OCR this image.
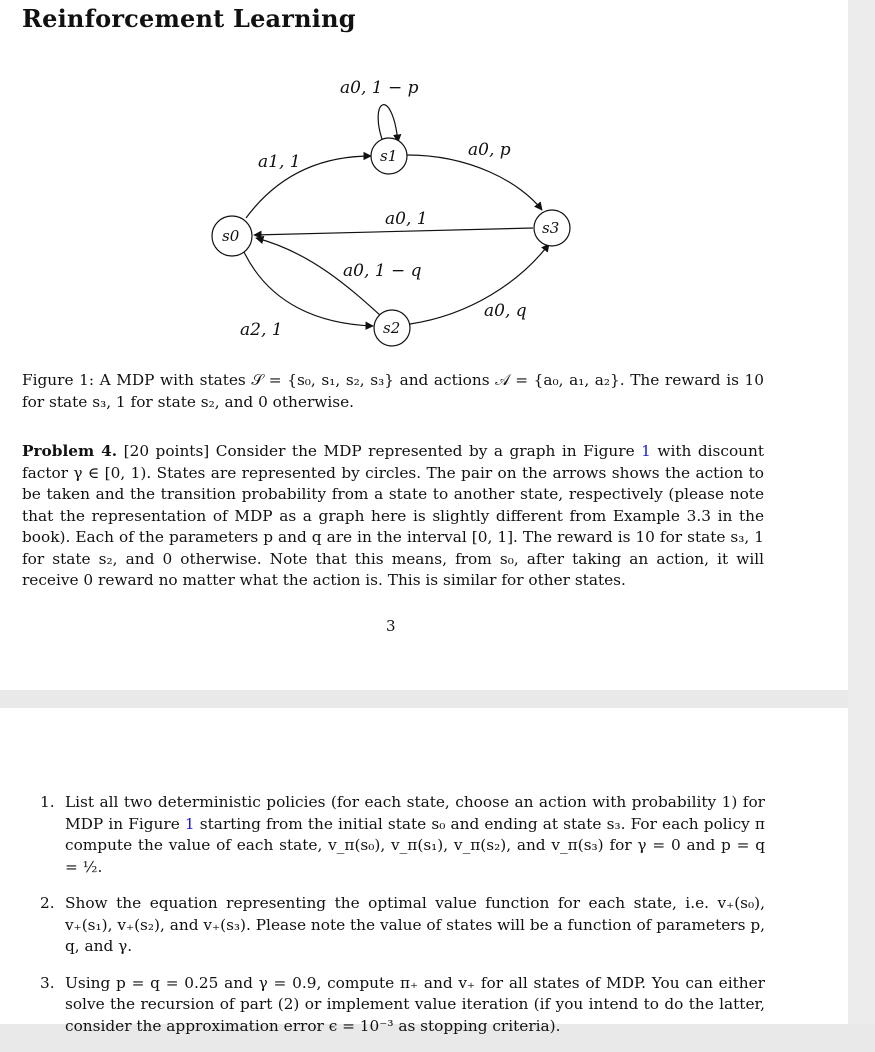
Reinforcement Learning
s0
s1
s2
s3
a0, 1 − p
a1, 1
a0, p
a0, 1
a0, 1 − q
a2, 1
a0, q

Figure 1: A MDP with states 𝒮 = {s₀, s₁, s₂, s₃} and actions 𝒜 = {a₀, a₁, a₂}. The reward is 10 for state s₃, 1 for state s₂, and 0 otherwise.

Problem 4. [20 points] Consider the MDP represented by a graph in Figure 1 with discount factor γ ∈ [0, 1). States are represented by circles. The pair on the arrows shows the action to be taken and the transition probability from a state to another state, respectively (please note that the representation of MDP as a graph here is slightly different from Example 3.3 in the book). Each of the parameters p and q are in the interval [0, 1]. The reward is 10 for state s₃, 1 for state s₂, and 0 otherwise. Note that this means, from s₀, after taking an action, it will receive 0 reward no matter what the action is. This is similar for other states.

3
1. List all two deterministic policies (for each state, choose an action with probability 1) for MDP in Figure 1 starting from the initial state s₀ and ending at state s₃. For each policy π compute the value of each state, v_π(s₀), v_π(s₁), v_π(s₂), and v_π(s₃) for γ = 0 and p = q = ½.
2. Show the equation representing the optimal value function for each state, i.e. v₊(s₀), v₊(s₁), v₊(s₂), and v₊(s₃). Please note the value of states will be a function of parameters p, q, and γ.
3. Using p = q = 0.25 and γ = 0.9, compute π₊ and v₊ for all states of MDP. You can either solve the recursion of part (2) or implement value iteration (if you intend to do the latter, consider the approximation error ϵ = 10⁻³ as stopping criteria).
